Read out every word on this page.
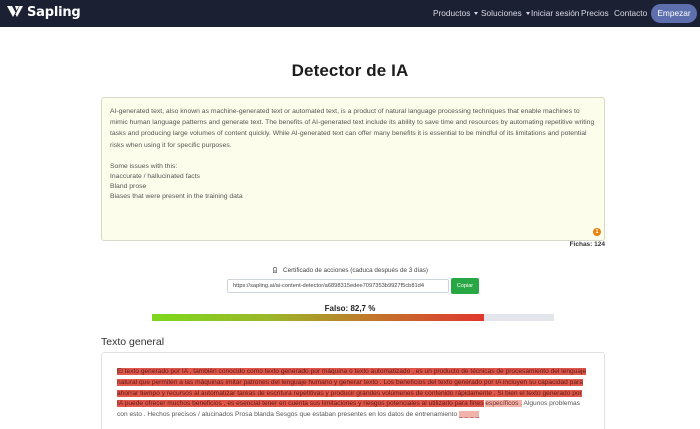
Sapling	Productos	Soluciones	Iniciar sesión Precios Contacto	Empezar
Detector de IA

AI-generated text, also known as machine-generated text or automated text, is a product of natural language processing techniques that enable machines to mimic human language patterns and generate text. The benefits of AI-generated text include its ability to save time and resources by automating repetitive writing tasks and producing large volumes of content quickly. While AI-generated text can offer many benefits it is essential to be mindful of its limitations and potential risks when using it for specific purposes.

Some issues with this:
Inaccurate / hallucinated facts
Bland prose
Biases that were present in the training data
1
Fichas: 124
Certificado de acciones (caduca después de 3 días)
https://sapling.ai/ai-content-detector/a6898315edee7097353b9927f5cb81d4	Copiar
Falso: 82,7 %
Texto general
El texto generado por IA , también conocido como texto generado por máquina o texto automatizado , es un producto de técnicas de procesamiento del lenguaje natural que permiten a las máquinas imitar patrones del lenguaje humano y generar texto . Los beneficios del texto generado por IA incluyen su capacidad para ahorrar tiempo y recursos al automatizar tareas de escritura repetitivas y producir grandes volúmenes de contenido rápidamente . Si bien el texto generado por IA puede ofrecer muchos beneficios , es esencial tener en cuenta sus limitaciones y riesgos potenciales al utilizarlo para fines específicos . Algunos problemas con esto . Hechos precisos / alucinados Prosa blanda Sesgos que estaban presentes en los datos de entrenamiento _ _ _ _
